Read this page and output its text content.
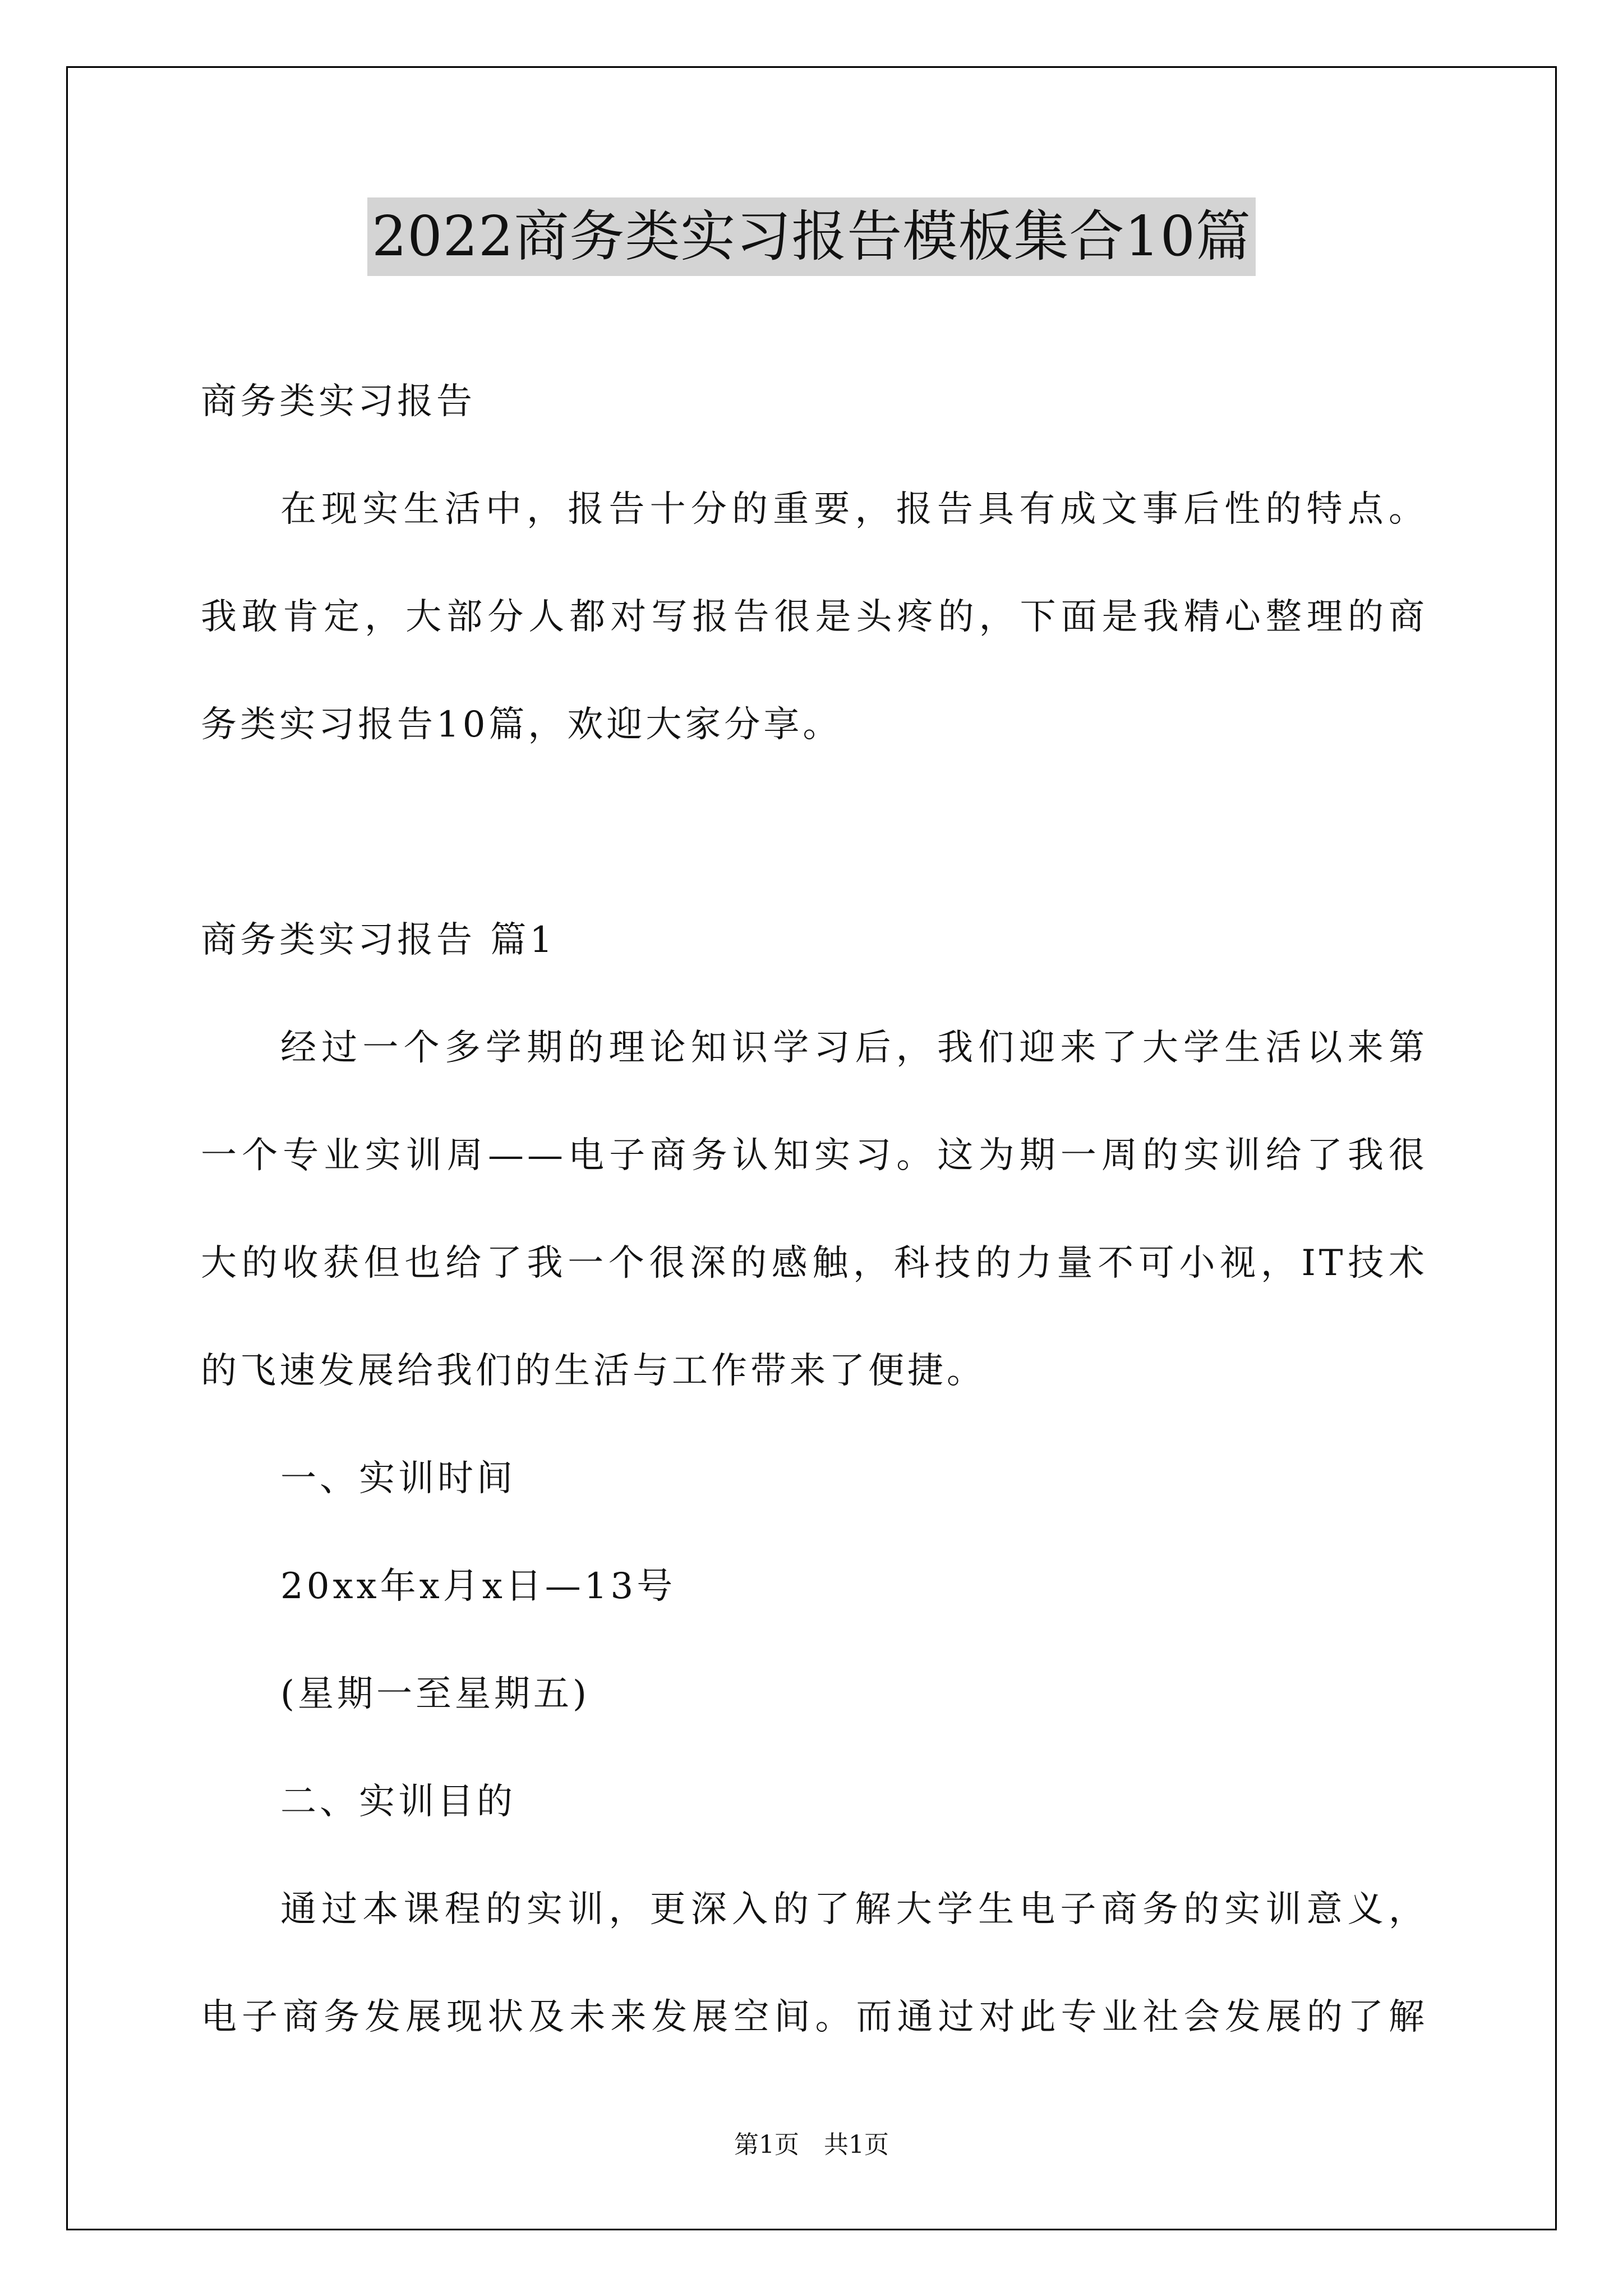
2022商务类实习报告模板集合10篇

商务类实习报告

在现实生活中，报告十分的重要，报告具有成文事后性的特点。

我敢肯定，大部分人都对写报告很是头疼的，下面是我精心整理的商

务类实习报告10篇，欢迎大家分享。

商务类实习报告 篇1

经过一个多学期的理论知识学习后，我们迎来了大学生活以来第

一个专业实训周——电子商务认知实习。这为期一周的实训给了我很

大的收获但也给了我一个很深的感触，科技的力量不可小视，IT技术

的飞速发展给我们的生活与工作带来了便捷。

一、实训时间

20xx年x月x日—13号

(星期一至星期五)

二、实训目的

通过本课程的实训，更深入的了解大学生电子商务的实训意义，

电子商务发展现状及未来发展空间。而通过对此专业社会发展的了解

第1页　共1页
